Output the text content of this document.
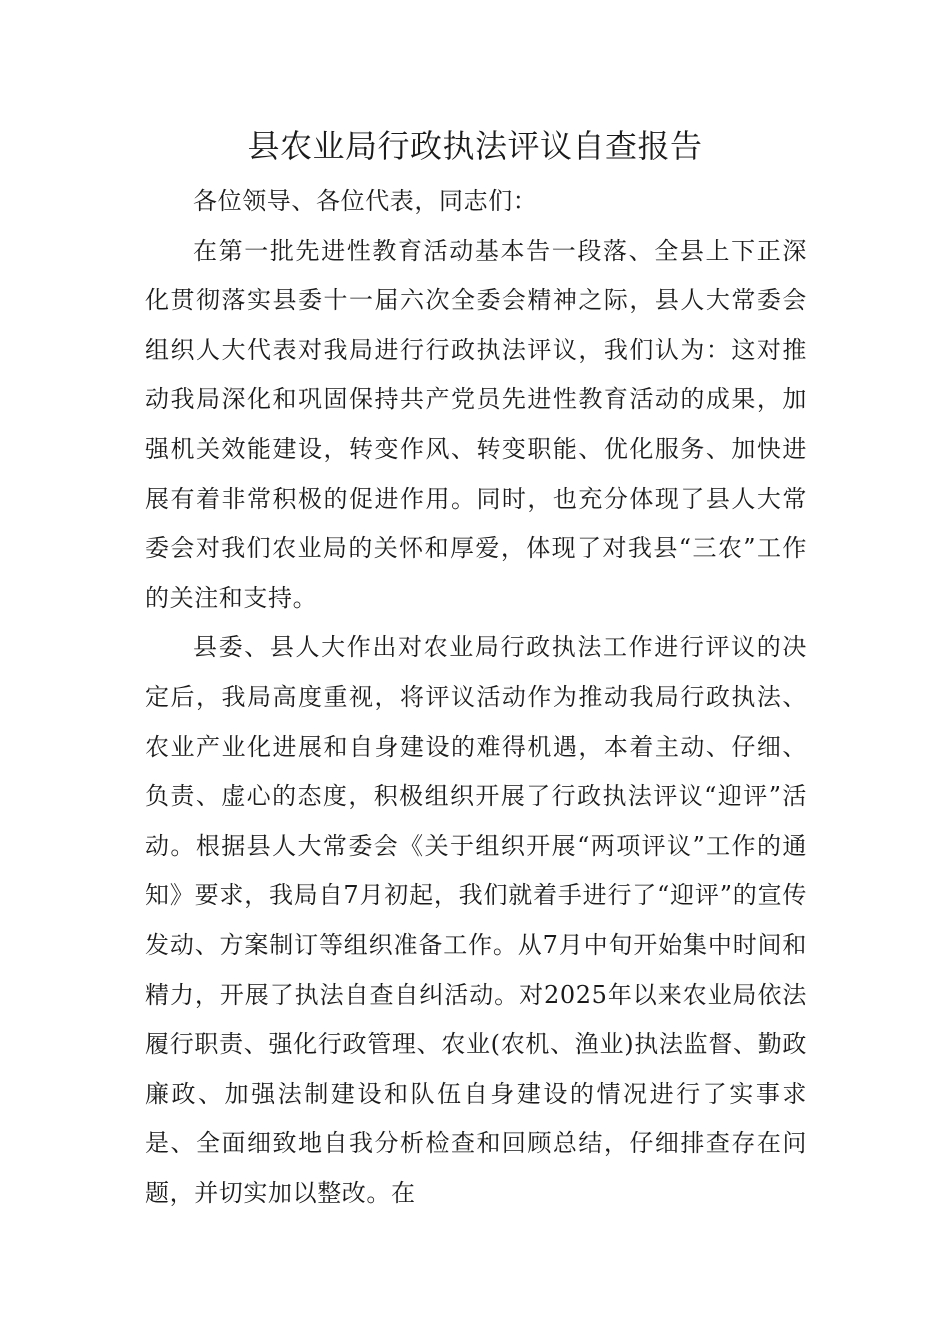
县农业局行政执法评议自查报告

各位领导、各位代表，同志们：

在第一批先进性教育活动基本告一段落、全县上下正深化贯彻落实县委十一届六次全委会精神之际，县人大常委会组织人大代表对我局进行行政执法评议，我们认为：这对推动我局深化和巩固保持共产党员先进性教育活动的成果，加强机关效能建设，转变作风、转变职能、优化服务、加快进展有着非常积极的促进作用。同时，也充分体现了县人大常委会对我们农业局的关怀和厚爱，体现了对我县“三农”工作的关注和支持。

县委、县人大作出对农业局行政执法工作进行评议的决定后，我局高度重视，将评议活动作为推动我局行政执法、农业产业化进展和自身建设的难得机遇，本着主动、仔细、负责、虚心的态度，积极组织开展了行政执法评议“迎评”活动。根据县人大常委会《关于组织开展“两项评议”工作的通知》要求，我局自7月初起，我们就着手进行了“迎评”的宣传发动、方案制订等组织准备工作。从7月中旬开始集中时间和精力，开展了执法自查自纠活动。对2025年以来农业局依法履行职责、强化行政管理、农业(农机、渔业)执法监督、勤政廉政、加强法制建设和队伍自身建设的情况进行了实事求是、全面细致地自我分析检查和回顾总结，仔细排查存在问题，并切实加以整改。在
